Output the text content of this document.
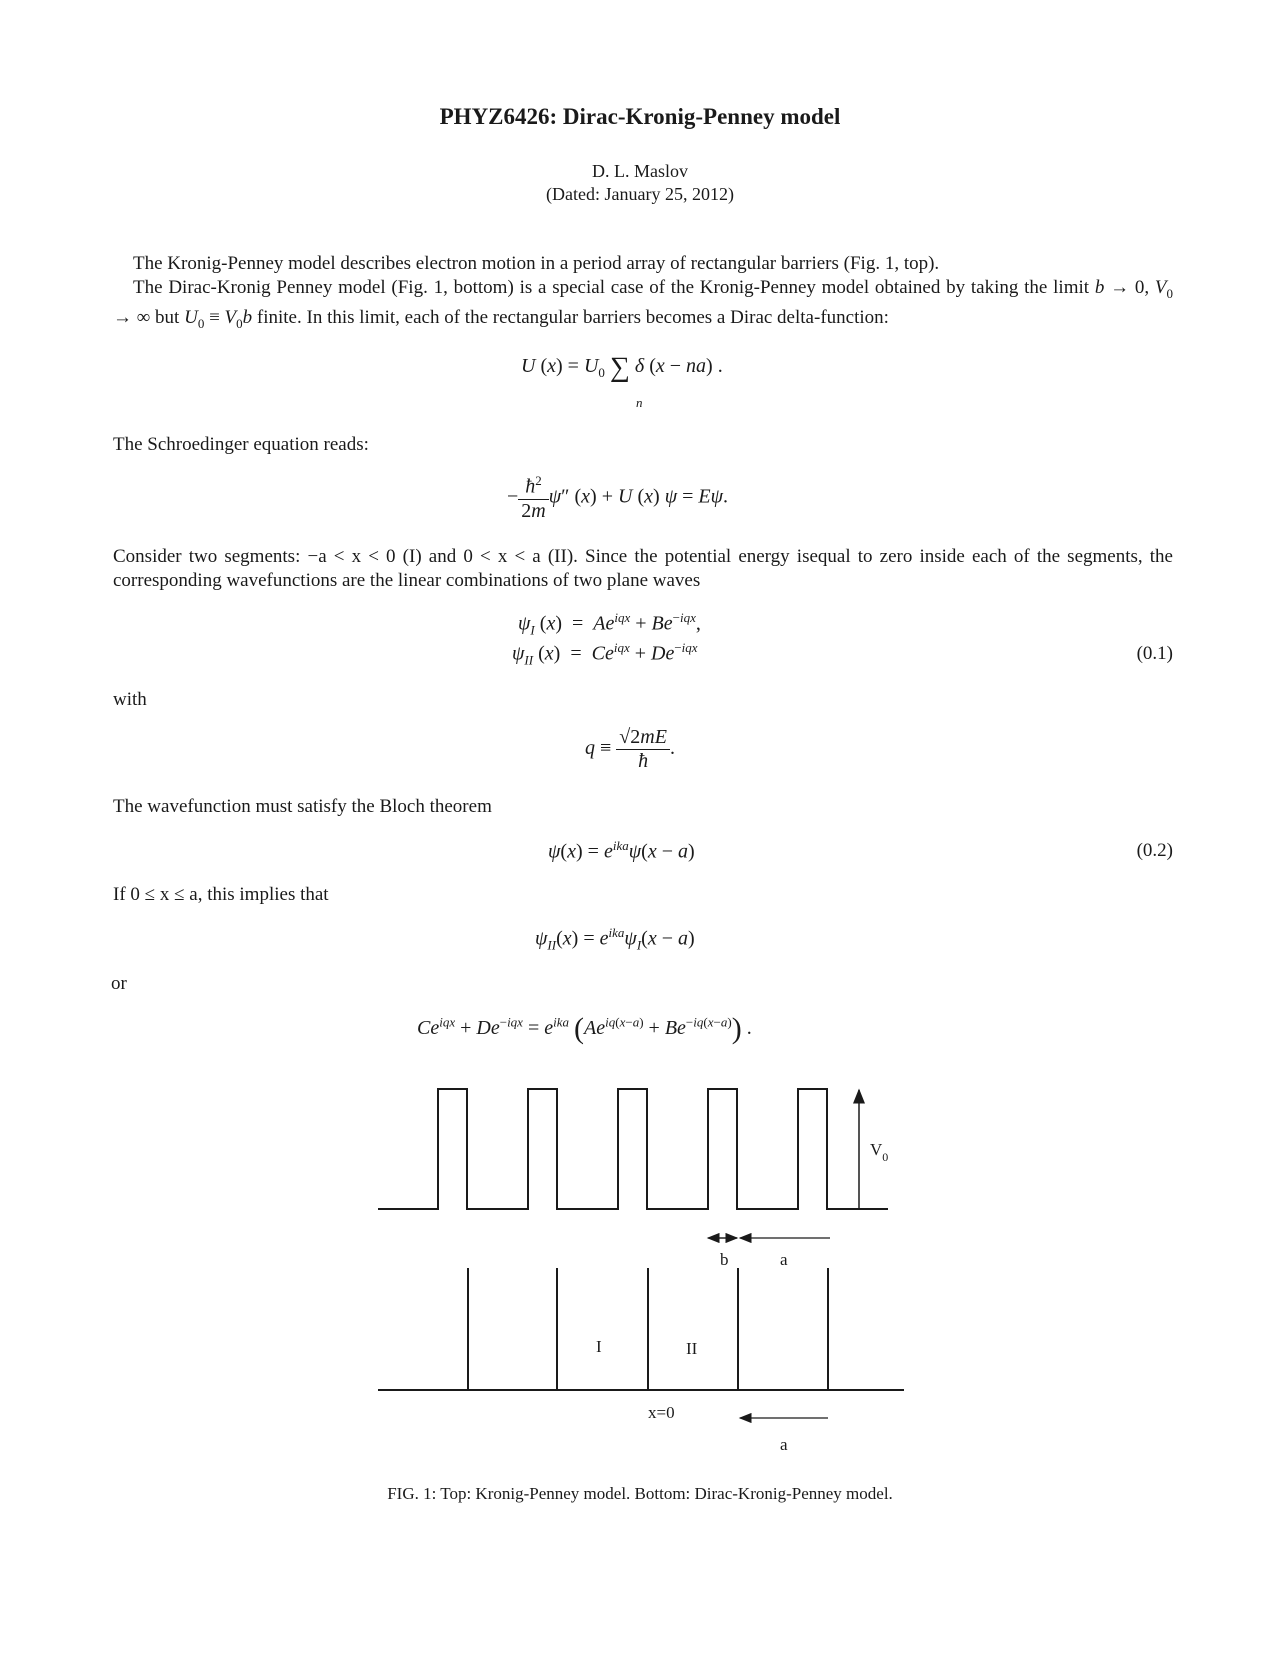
PHYZ6426: Dirac-Kronig-Penney model
D. L. Maslov
(Dated: January 25, 2012)
The Kronig-Penney model describes electron motion in a period array of rectangular barriers (Fig. 1, top).
The Dirac-Kronig Penney model (Fig. 1, bottom) is a special case of the Kronig-Penney model obtained by taking the limit b → 0, $V_0$ → ∞ but $U_0 \equiv V_0b$ finite. In this limit, each of the rectangular barriers becomes a Dirac delta-function:
U $(x) = U_0$ ∑ δ (x − na) .
n
The Schroedinger equation reads:
− $\frac{ħ^2}{2m} \psi''$ (x) + U (x) ψ = Eψ.
Consider two segments: −a < x < 0 (I) and 0 < x < a (II). Since the potential energy isequal to zero inside each of the segments, the corresponding wavefunctions are the linear combinations of two plane waves
$\psi_I$ $(x) = Ae^{iqx} + Be^{-iqx}$,
$\psi_{II}$ $(x) = Ce^{iqx} + De^{-iqx}$	(0.1)
with
$q \equiv \frac{√2mE}{ħ}$ .
The wavefunction must satisfy the Bloch theorem
$\psi(x) = e^{ika}\psi(x - a)$	(0.2)
If 0 ≤ x ≤ a, this implies that
$\psi_{II}(x) = e^{ika}\psi_I(x - a)$
or
$Ce^{iqx} + De^{-iqx} = e^{ika}$ $(Ae^{iq(x-a)} + Be^{-iq(x-a)})$ .
$V_0$
b	a
I	II
x=0
a
FIG. 1: Top: Kronig-Penney model. Bottom: Dirac-Kronig-Penney model.
